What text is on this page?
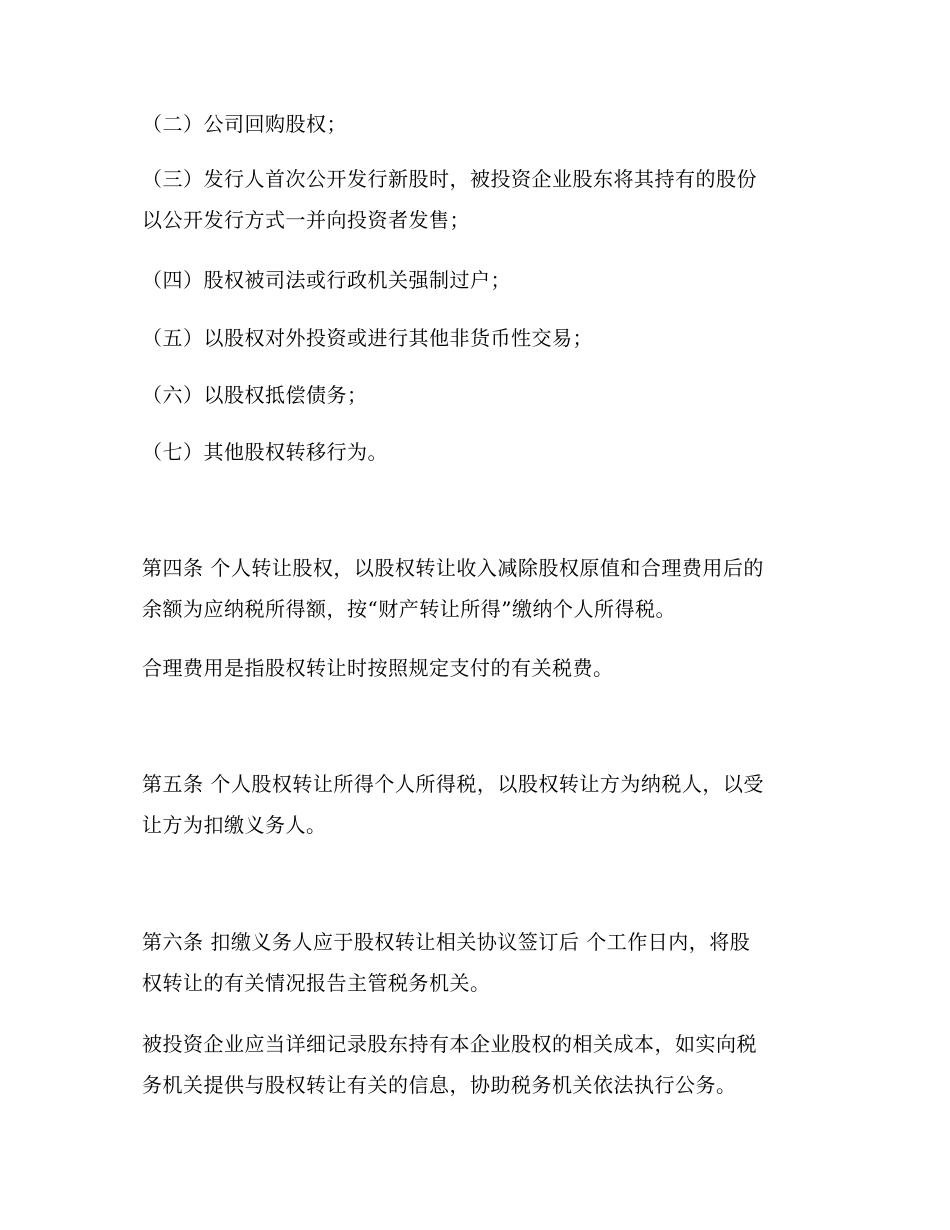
（二）公司回购股权；
（三）发行人首次公开发行新股时，被投资企业股东将其持有的股份
以公开发行方式一并向投资者发售；
（四）股权被司法或行政机关强制过户；
（五）以股权对外投资或进行其他非货币性交易；
（六）以股权抵偿债务；
（七）其他股权转移行为。
第四条 个人转让股权，以股权转让收入减除股权原值和合理费用后的
余额为应纳税所得额，按“财产转让所得”缴纳个人所得税。
合理费用是指股权转让时按照规定支付的有关税费。
第五条 个人股权转让所得个人所得税，以股权转让方为纳税人，以受
让方为扣缴义务人。
第六条 扣缴义务人应于股权转让相关协议签订后 个工作日内，将股
权转让的有关情况报告主管税务机关。
被投资企业应当详细记录股东持有本企业股权的相关成本，如实向税
务机关提供与股权转让有关的信息，协助税务机关依法执行公务。
